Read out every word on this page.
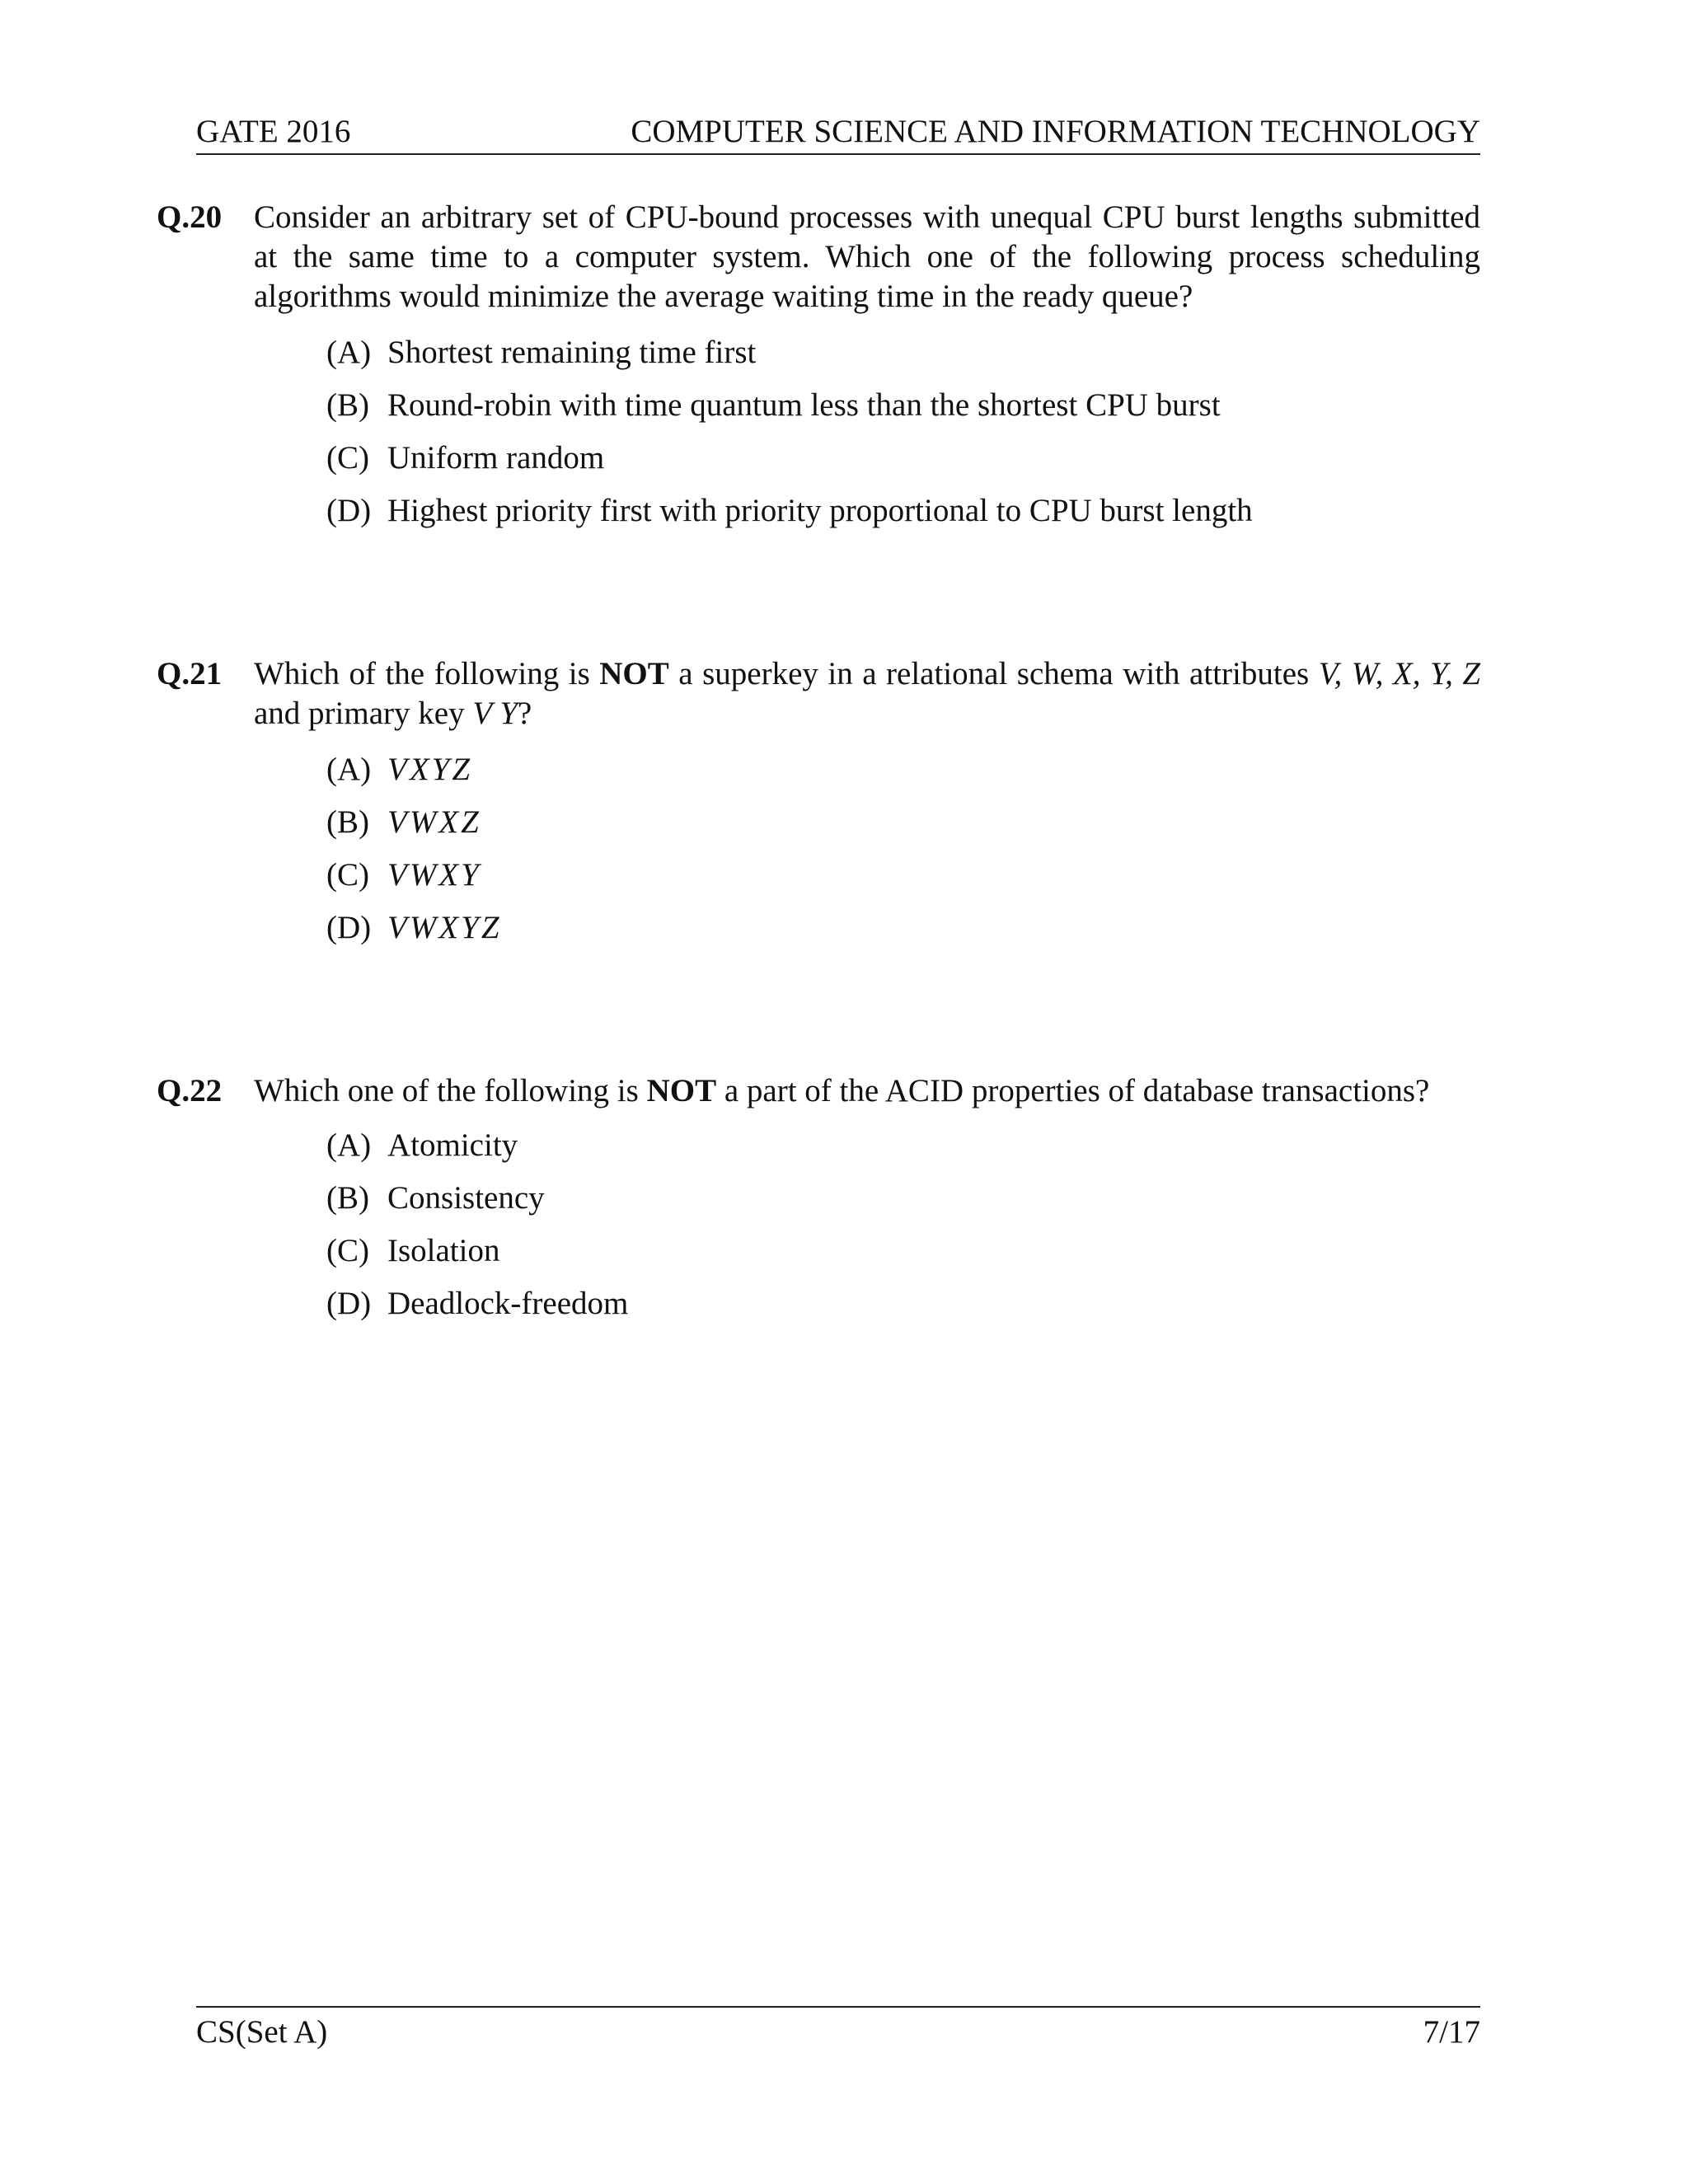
GATE 2016	COMPUTER SCIENCE AND INFORMATION TECHNOLOGY
Q.20 Consider an arbitrary set of CPU-bound processes with unequal CPU burst lengths submitted at the same time to a computer system. Which one of the following process scheduling algorithms would minimize the average waiting time in the ready queue?
(A) Shortest remaining time first
(B) Round-robin with time quantum less than the shortest CPU burst
(C) Uniform random
(D) Highest priority first with priority proportional to CPU burst length
Q.21 Which of the following is NOT a superkey in a relational schema with attributes V, W, X, Y, Z and primary key V Y?
(A) VXYZ
(B) VWXZ
(C) VWXY
(D) VWXYZ
Q.22 Which one of the following is NOT a part of the ACID properties of database transactions?
(A) Atomicity
(B) Consistency
(C) Isolation
(D) Deadlock-freedom
CS(Set A)	7/17
